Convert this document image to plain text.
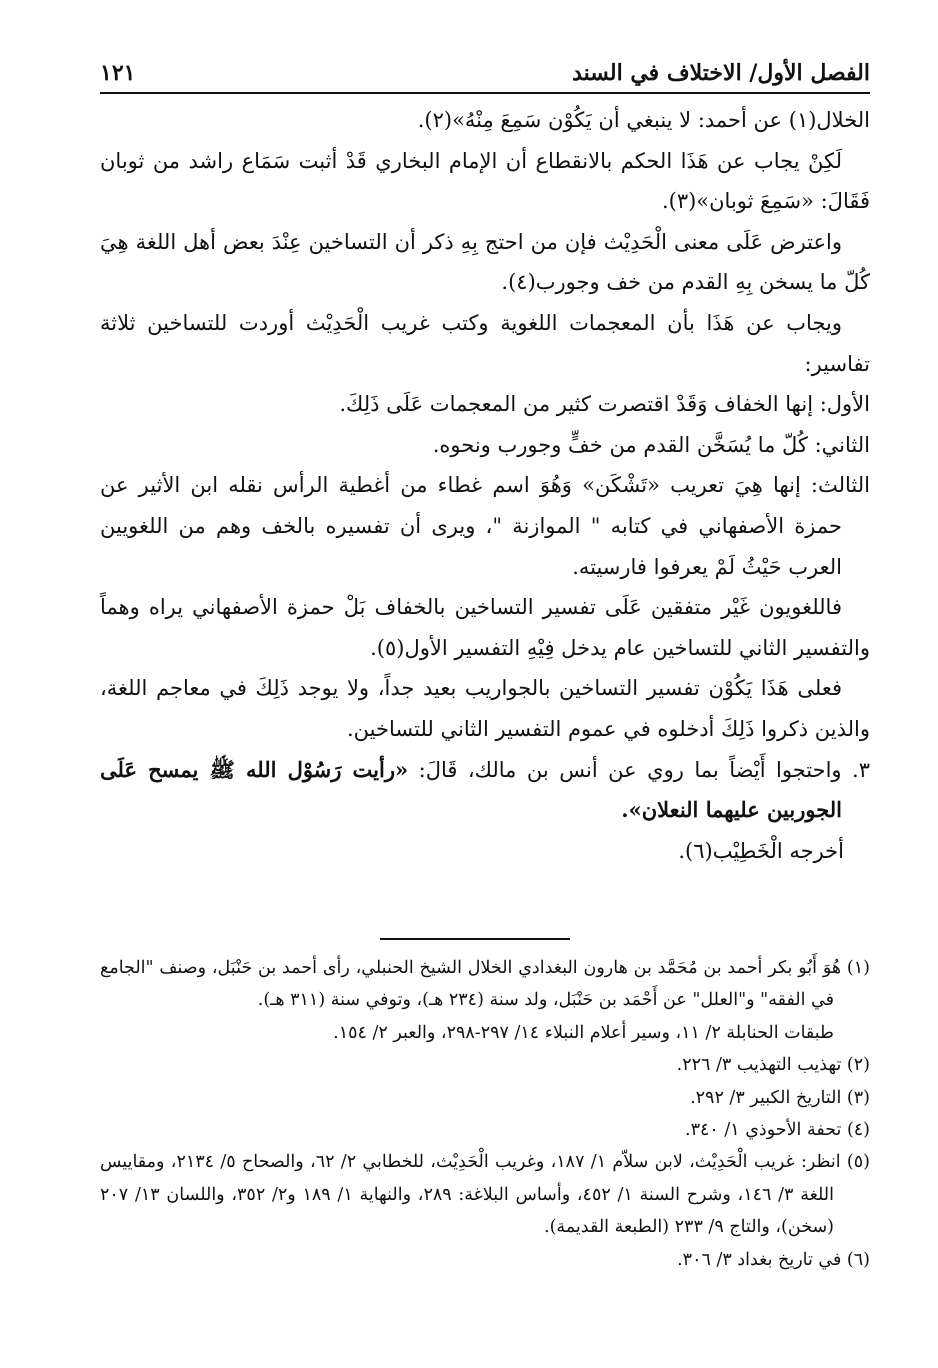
الفصل الأول/ الاختلاف في السند
١٢١

الخلال(١) عن أحمد: لا ينبغي أن يَكُوْن سَمِعَ مِنْهُ»(٢).

لَكِنْ يجاب عن هَذَا الحكم بالانقطاع أن الإمام البخاري قَدْ أثبت سَمَاع راشد من ثوبان فَقَالَ: «سَمِعَ ثوبان»(٣).

واعترض عَلَى معنى الْحَدِيْث فإن من احتج بِهِ ذكر أن التساخين عِنْدَ بعض أهل اللغة هِيَ كُلّ ما يسخن بِهِ القدم من خف وجورب(٤).

ويجاب عن هَذَا بأن المعجمات اللغوية وكتب غريب الْحَدِيْث أوردت للتساخين ثلاثة تفاسير:

الأول: إنها الخفاف وَقَدْ اقتصرت كثير من المعجمات عَلَى ذَلِكَ.

الثاني: كُلّ ما يُسَخَّن القدم من خفٍّ وجورب ونحوه.

الثالث: إنها هِيَ تعريب «تَشْكَن» وَهُوَ اسم غطاء من أغطية الرأس نقله ابن الأثير عن حمزة الأصفهاني في كتابه " الموازنة "، ويرى أن تفسيره بالخف وهم من اللغويين العرب حَيْثُ لَمْ يعرفوا فارسيته.

فاللغويون غَيْر متفقين عَلَى تفسير التساخين بالخفاف بَلْ حمزة الأصفهاني يراه وهماً والتفسير الثاني للتساخين عام يدخل فِيْهِ التفسير الأول(٥).

فعلى هَذَا يَكُوْن تفسير التساخين بالجواريب بعيد جداً، ولا يوجد ذَلِكَ في معاجم اللغة، والذين ذكروا ذَلِكَ أدخلوه في عموم التفسير الثاني للتساخين.

٣. واحتجوا أَيْضاً بما روي عن أنس بن مالك، قَالَ: «رأيت رَسُوْل الله ﷺ يمسح عَلَى الجوربين عليهما النعلان».

أخرجه الْخَطِيْب(٦).

(١) هُوَ أَبُو بكر أحمد بن مُحَمَّد بن هارون البغدادي الخلال الشيخ الحنبلي، رأى أحمد بن حَنْبَل، وصنف "الجامع في الفقه" و"العلل" عن أَحْمَد بن حَنْبَل، ولد سنة (٢٣٤ هـ)، وتوفي سنة (٣١١ هـ).

طبقات الحنابلة ٢/ ١١، وسير أعلام النبلاء ١٤/ ٢٩٧-٢٩٨، والعبر ٢/ ١٥٤.

(٢) تهذيب التهذيب ٣/ ٢٢٦.

(٣) التاريخ الكبير ٣/ ٢٩٢.

(٤) تحفة الأحوذي ١/ ٣٤٠.

(٥) انظر: غريب الْحَدِيْث، لابن سلاّم ١/ ١٨٧، وغريب الْحَدِيْث، للخطابي ٢/ ٦٢، والصحاح ٥/ ٢١٣٤، ومقاييس اللغة ٣/ ١٤٦، وشرح السنة ١/ ٤٥٢، وأساس البلاغة: ٢٨٩، والنهاية ١/ ١٨٩ و٢/ ٣٥٢، واللسان ١٣/ ٢٠٧ (سخن)، والتاج ٩/ ٢٣٣ (الطبعة القديمة).

(٦) في تاريخ بغداد ٣/ ٣٠٦.
